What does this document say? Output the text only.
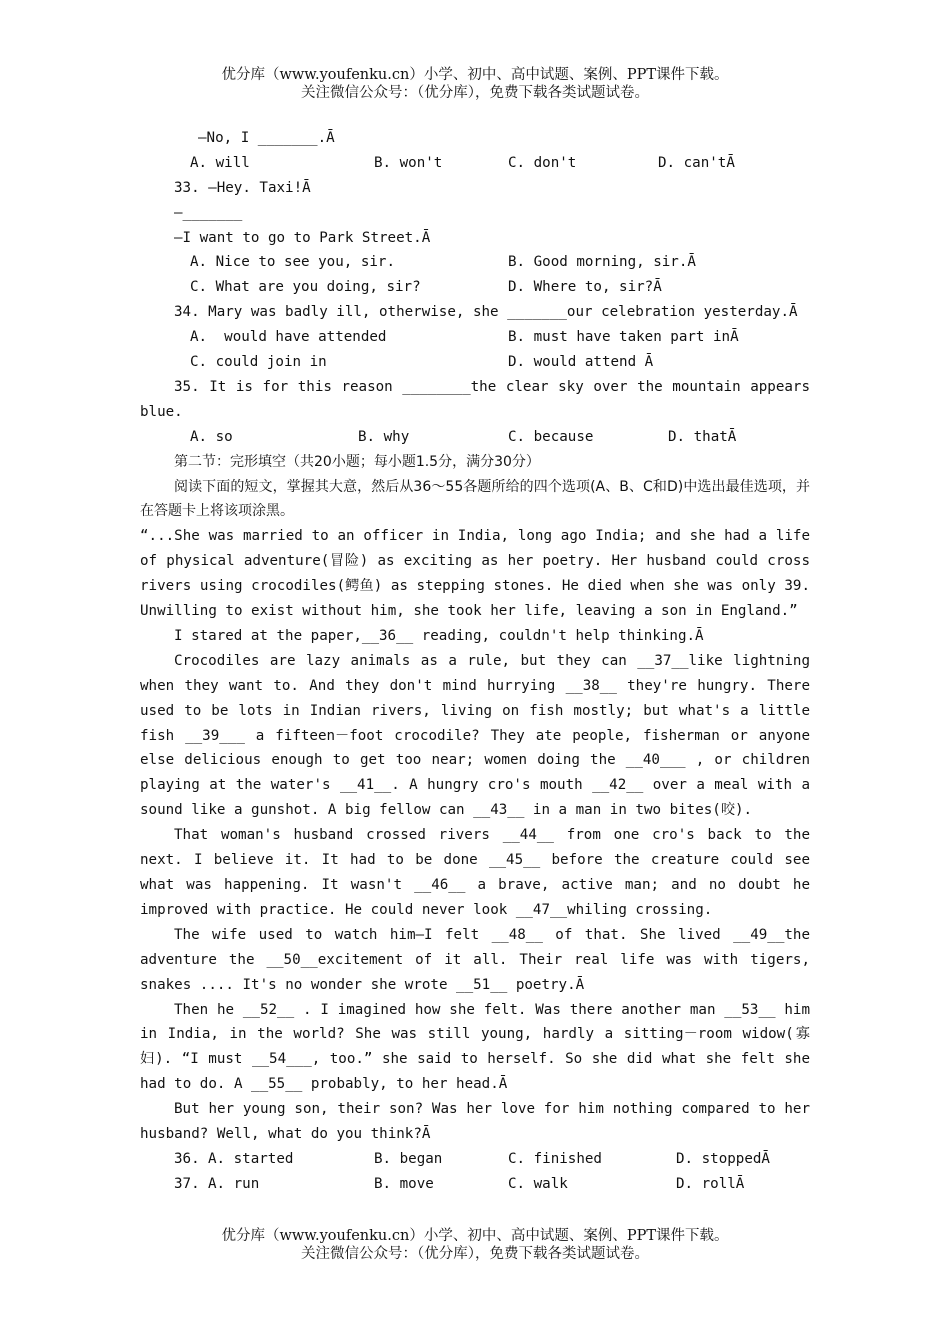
优分库（www.youfenku.cn）小学、初中、高中试题、案例、PPT课件下载。
关注微信公众号：（优分库），免费下载各类试题试卷。
—No, I _______.Ā
A. will	B. won't	C. don't	D. can'tĀ
33. —Hey. Taxi!Ā
—_______
—I want to go to Park Street.Ā
A. Nice to see you, sir.	B. Good morning, sir.Ā
C. What are you doing, sir?	D. Where to, sir?Ā
34. Mary was badly ill, otherwise, she _______our celebration yesterday.Ā
A.  would have attended	B. must have taken part inĀ
C. could join in	D. would attend Ā
35. It is for this reason ________the clear sky over the mountain appears blue.
A. so	B. why	C. because	D. thatĀ
第二节：完形填空（共20小题；每小题1.5分，满分30分）
阅读下面的短文，掌握其大意，然后从36～55各题所给的四个选项(A、B、C和D)中选出最佳选项，并在答题卡上将该项涂黑。
“...She was married to an officer in India, long ago India; and she had a life of physical adventure(冒险) as exciting as her poetry. Her husband could cross rivers using crocodiles(鳄鱼) as stepping stones. He died when she was only 39. Unwilling to exist without him, she took her life, leaving a son in England.”
I stared at the paper,__36__ reading, couldn't help thinking.Ā
Crocodiles are lazy animals as a rule, but they can __37__like lightning when they want to. And they don't mind hurrying __38__ they're hungry. There used to be lots in Indian rivers, living on fish mostly; but what's a little fish __39___ a fifteen－foot crocodile? They ate people, fisherman or anyone else delicious enough to get too near; women doing the __40___ , or children playing at the water's __41__. A hungry cro's mouth __42__ over a meal with a sound like a gunshot. A big fellow can __43__ in a man in two bites(咬).
That woman's husband crossed rivers __44__ from one cro's back to the next. I believe it. It had to be done __45__ before the creature could see what was happening. It wasn't __46__ a brave, active man; and no doubt he improved with practice. He could never look __47__whiling crossing.
The wife used to watch him—I felt __48__ of that. She lived __49__the adventure the __50__excitement of it all. Their real life was with tigers, snakes .... It's no wonder she wrote __51__ poetry.Ā
Then he __52__ . I imagined how she felt. Was there another man __53__ him in India, in the world? She was still young, hardly a sitting－room widow(寡妇). “I must __54___, too.” she said to herself. So she did what she felt she had to do. A __55__ probably, to her head.Ā
But her young son, their son? Was her love for him nothing compared to her husband? Well, what do you think?Ā
36. A. started	B. began	C. finished	D. stoppedĀ
37. A. run	B. move	C. walk	D. rollĀ
优分库（www.youfenku.cn）小学、初中、高中试题、案例、PPT课件下载。
关注微信公众号：（优分库），免费下载各类试题试卷。
